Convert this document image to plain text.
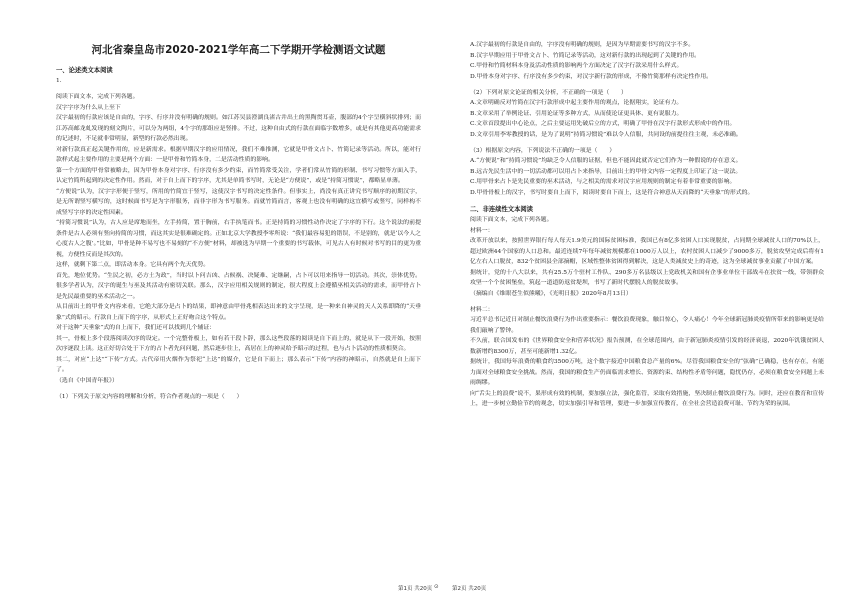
河北省秦皇岛市2020-2021学年高二下学期开学检测语文试题

一、论述类文本阅读

1.

阅读下面文本，完成下列各题。

汉字字序为什么从上至下

汉字最初的行款应该是自由的，字序、行序并没有明确的规则。如江苏吴县澄湖良渚古井出土的黑陶贯耳壶，腹部的4个字呈横斜状排列；而江苏高邮龙虬发现的刻文陶片，可以分为两组，4个字的那组应是竖排。不过，这种自由式的行款在面临字数增多，或是有其他更高功能需求的记述时，不足就非常明显，新型的行款必然出现。

对新行款真正起关键作用的，应是新需求。根据早期汉字的应用情况，我们不难推测，它就是甲骨文占卜、竹简记录等活动。所以，能对行款样式起主要作用的主要是两个方面：一是甲骨和竹简本身，二是活动性质的影响。

第一个方面的甲骨常被略去，因为甲骨本身对字序、行序没有多少约束，而竹简常受关注，学者们常从竹简的形制、书写习惯等方面入手，认定竹简所起到的决定性作用。然而，对于自上而下的字序，尤其是单简书写时，无论是“方便说”，或是“持简习惯说”，都略显单薄。

“方便说”认为，汉字字形便于竖写，所用的竹简宜于竖写，这使汉字书写的决定性条件。但事实上，尚没有真正讲究书写顺序的初期汉字，是无所谓竖写横写的，这时候面书写是为字形服务，而非字形为书写服务。而就竹简而言，客观上也没有明确的这宜横写或竖写，同样构不成竖写字序的决定性因素。

“持简习惯说”认为，古人应是席地而坐，左手持简，置于胸前，右手执笔而书。正是持简的习惯性动作决定了字序的下行。这个说法的前提条件是古人必须有竖向持简的习惯，而这其实是很难确定的。正如北京大学教授李零所说：“我们最容易犯的错误，不是别的，就是‘以今人之心度古人之腹’。”比如，甲骨是种不易写也不易刻的“不方便”材料，却被选为早期一个重要的书写载体，可见古人有时候对书写的目的更为重视，方便性反而是其次的。

这样，就剩下第二点，即活动本身。它具有两个先天优势。

首先，地位优势。“生民之初，必方土为政”，当时以卜问吉凶、占候祸、决疑难、定继嗣，占卜可以用来指导一切活动。其次，崇体优势。很多学者认为，汉字的诞生与巫及其活动有密切关联。那么，汉字应用相关规则的制定，很大程度上会遵循巫相关活动的需求，而甲骨占卜是先民最重要的巫术活动之一。

从目前出土的甲骨文内容来看，它绝大部分是占卜的结果，即神意由甲骨兆相表达出来的文字呈现，是一种来自神灵的天人关系即降的“天垂象”式的昭示。行款自上而下的字序，从形式上正好吻合这个特点。

对于这种“天垂象”式的自上而下，我们还可以找到几个辅证：

其一，骨板上多个段落阅读次序的设定。一个完整骨板上，如有若干段卜辞，那么这些段落的阅读是自下而上的，就是从下一段开始，按照次序逐段上读。这正好切合处于下方的占卜者先问问题，然后逐步往上，高居在上的神灵给予昭示的过程，也与占卜活动的性质相契合。

其二，对应“上达”“下传”方式。古代帝用火烟作为祭祀“上达”的媒介，它是自下而上；那么表示“下传”内容的神昭示，自然就是自上而下了。

（选自《中国青年报》）

（1）下列关于原文内容的理解和分析，符合作者观点的一项是（　　）

A.汉字最初的行款是自由的，字序没有明确的规则，是因为早期需要书写的汉字不多。

B.汉字早期应用于甲骨文占卜、竹简记录等活动，这对新行款的出现起到了关键的作用。

C.甲骨和竹简材料本身及活动性质的影响两个方面决定了汉字行款采用什么样式。

D.甲骨本身对字序、行序没有多少约束，对汉字新行款的形成，不像竹简那样有决定性作用。

（2）下列对原文论证的相关分析，不正确的一项是（　　）

A.文章明确反对竹简在汉字行款形成中起主要作用的观点，论据翔实，论证有力。

B.文章采用了举例论证、引用论证等多种方式，从而使论证更具体、更有说服力。

C.文章首段提出中心论点，之后主要运用先破后立的方式，明确了甲骨在汉字行款形式形成中的作用。

D.文章引用李零教授的话，是为了说明“持简习惯说”难以令人信服，共同设的前提往往主观，未必准确。

（3）根据原文内容，下列说法不正确的一项是（　　）

A.“方便说”和“持简习惯说”均缺乏令人信服的证据，但也不能因此就否定它们作为一种假说的存在意义。

B.远古先民生活中的一切活动都可以用占卜来指导，目前出土的甲骨文内容一定程度上印证了这一说法。

C.用甲骨来占卜是先民重要的巫术活动，与之相关的需求对汉字应用规则的制定有着非常重要的影响。

D.甲骨骨板上的汉字，书写时要自上而下，阅读时要自下而上，这是符合神意从天而降的“天垂象”的形式的。

二、非连续性文本阅读

阅读下面文本，完成下列各题。

材料一：

改革开放以来，按照世界银行每人每天1.9美元的国际贫困标准，我国已有8亿多贫困人口实现脱贫，占同期全球减贫人口的70%以上，超过欧洲44个国家的人口总和。最近连续7年每年减贫规模都在1000万人以上，农村贫困人口减少了9000多万，脱贫攻坚完成后将有1亿左右人口脱贫，832个贫困县全部摘帽，区域性整体贫困得到解决，这是人类减贫史上的奇迹，这为全球减贫事业贡献了中国方案。

据统计，党的十八大以来，共有25.5万个驻村工作队、290多万名县级以上党政机关和国有企事业单位干部战斗在扶贫一线，带领群众攻坚一个个贫困堡垒，筑起一道道防返贫堤坝，书写了新时代摆脱人的脱贫故事。

（摘编自《维眼苍生似熊曦》，《光明日报》2020年8月13日）

材料二：

习近平总书记近日对制止餐饮浪费行为作出重要指示：餐饮浪费现象，触目惊心，令人痛心！今年全球新冠肺炎疫情所带来的影响更是给我们敲响了警钟。

不久前，联合国发布的《世界粮食安全和营养状况》报告预测，在全球范围内，由于新冠肺炎疫情引发的经济衰退，2020年饥饿贫困人数新增约8300万，甚至可能新增1.32亿。

据统计，我国每年浪费的粮食约3500万吨，这个数字接近中国粮食总产量的6%。尽管我国粮食安全的“弦确”已确稳，也有存在，有能力面对全球粮食安全挑战。然而，我国的粮食生产仍面临需求增长、资源约束、结构性矛盾等问题，隐忧仍存，必须在粮食安全问题上未雨绸缪。

向“舌尖上的浪费”说不，果形成有效的机制，要加强立法，强化监管，采取有效措施，坚决制止餐饮浪费行为。同时，还应在教育和宣传上，进一步树立勤俭节约的观念，切实加强引导和管理，要进一步加强宣传教育，在全社会营造浪费可耻、节约为荣的氛围。

第1页 共20页 ⊙ 第2页 共20页
